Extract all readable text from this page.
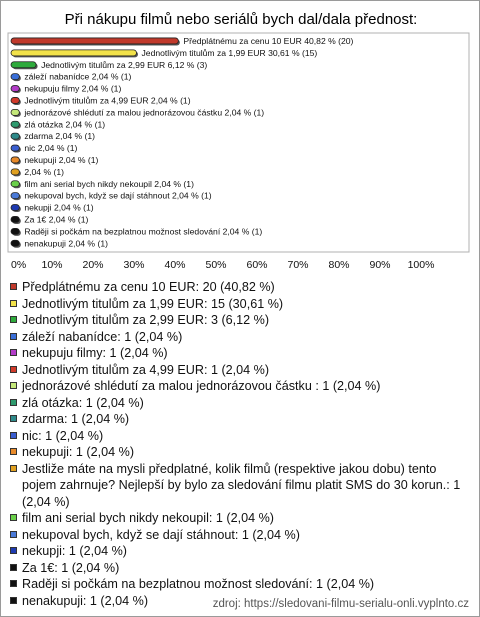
Při nákupu filmů nebo seriálů bych dal/dala přednost:
Předplátnému za cenu 10 EUR 40,82 % (20)
Jednotlivým titulům za 1,99 EUR 30,61 % (15)
Jednotlivým titulům za 2,99 EUR 6,12 % (3)
záleží nabanídce 2,04 % (1)
nekupuju filmy 2,04 % (1)
Jednotlivým titulům za 4,99 EUR 2,04 % (1)
jednorázové shlédutí za malou jednorázovou částku 2,04 % (1)
zlá otázka 2,04 % (1)
zdarma 2,04 % (1)
nic 2,04 % (1)
nekupuji 2,04 % (1)
2,04 % (1)
film ani serial bych nikdy nekoupil 2,04 % (1)
nekupoval bych, když se dají stáhnout 2,04 % (1)
nekupji 2,04 % (1)
Za 1€ 2,04 % (1)
Raději si počkám na bezplatnou možnost sledování 2,04 % (1)
nenakupuji 2,04 % (1)
0% 10% 20% 30% 40% 50% 60% 70% 80% 90% 100%
Předplátnému za cenu 10 EUR: 20 (40,82 %)
Jednotlivým titulům za 1,99 EUR: 15 (30,61 %)
Jednotlivým titulům za 2,99 EUR: 3 (6,12 %)
záleží nabanídce: 1 (2,04 %)
nekupuju filmy: 1 (2,04 %)
Jednotlivým titulům za 4,99 EUR: 1 (2,04 %)
jednorázové shlédutí za malou jednorázovou částku : 1 (2,04 %)
zlá otázka: 1 (2,04 %)
zdarma: 1 (2,04 %)
nic: 1 (2,04 %)
nekupuji: 1 (2,04 %)
Jestliže máte na mysli předplatné, kolik filmů (respektive jakou dobu) tento pojem zahrnuje? Nejlepší by bylo za sledování filmu platit SMS do 30 korun.: 1 (2,04 %)
film ani serial bych nikdy nekoupil: 1 (2,04 %)
nekupoval bych, když se dají stáhnout: 1 (2,04 %)
nekupji: 1 (2,04 %)
Za 1€: 1 (2,04 %)
Raději si počkám na bezplatnou možnost sledování: 1 (2,04 %)
nenakupuji: 1 (2,04 %)	zdroj: https://sledovani-filmu-serialu-onli.vyplnto.cz
